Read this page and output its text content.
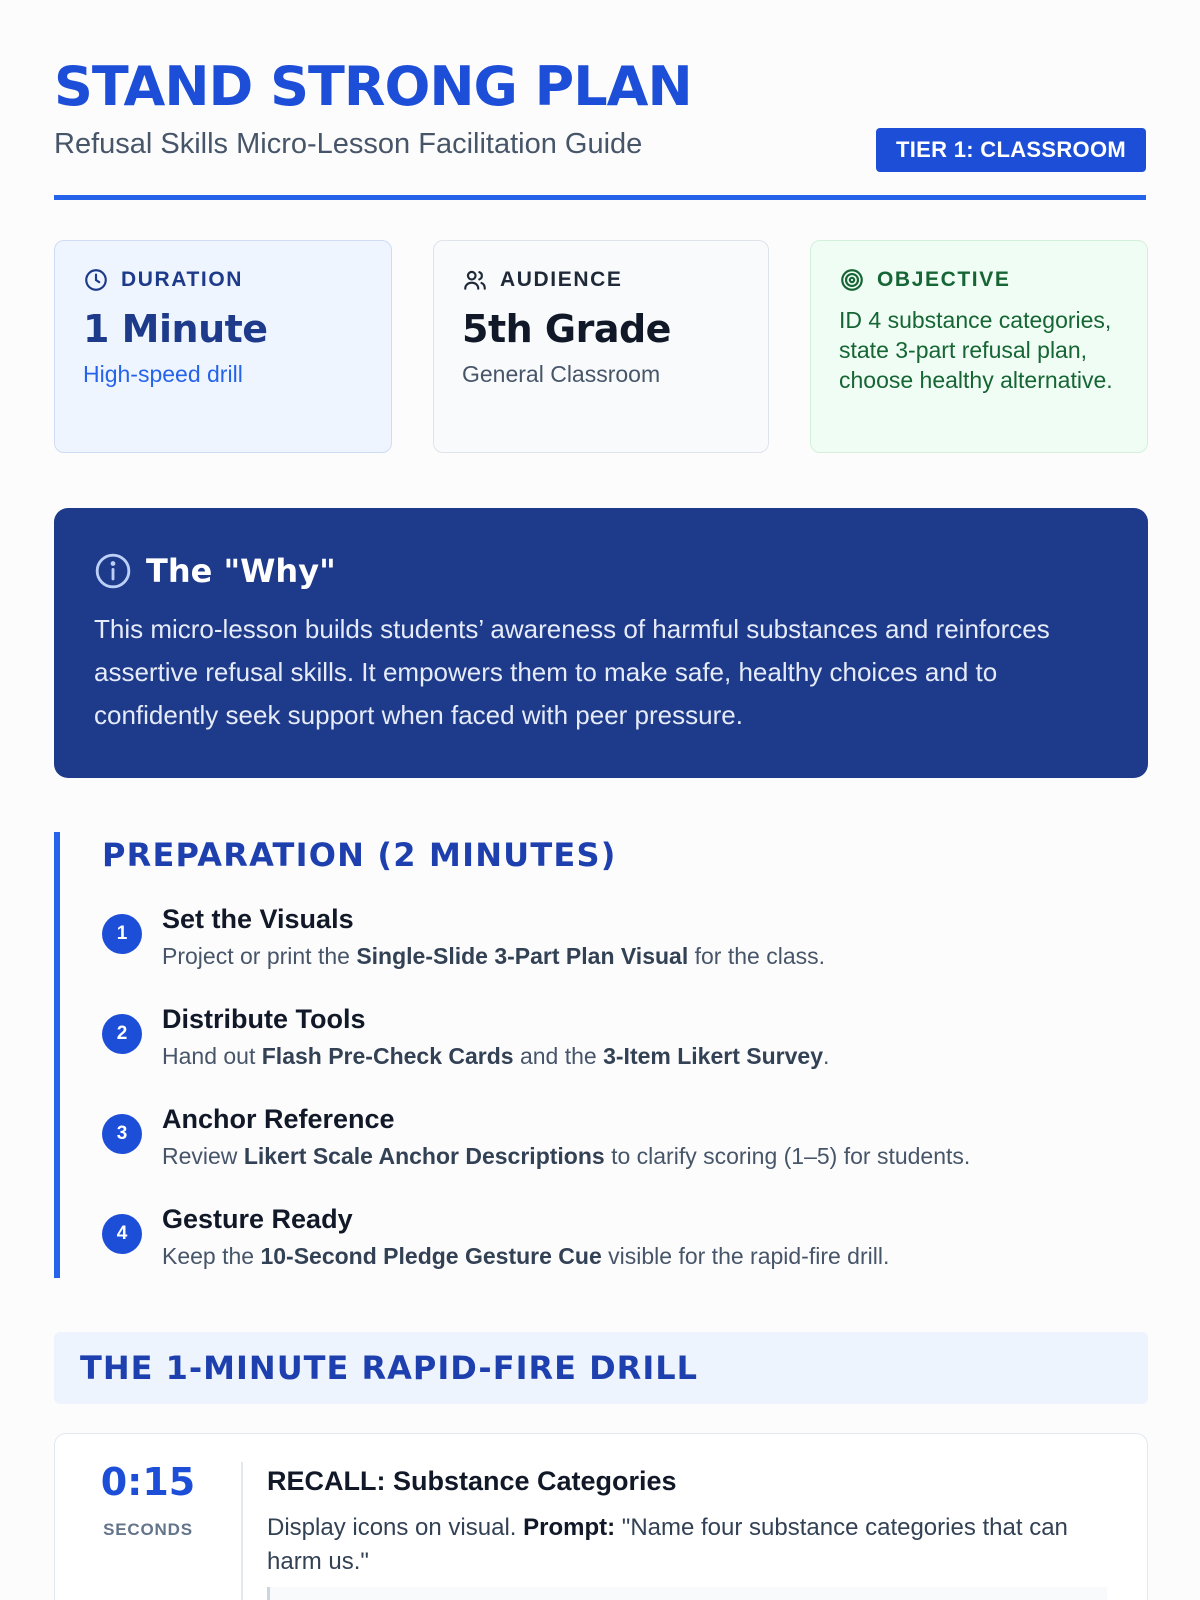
STAND STRONG PLAN
Refusal Skills Micro-Lesson Facilitation Guide	TIER 1: CLASSROOM
DURATION
1 Minute
High-speed drill
AUDIENCE
5th Grade
General Classroom
OBJECTIVE
ID 4 substance categories, state 3-part refusal plan, choose healthy alternative.
The "Why"
This micro-lesson builds students’ awareness of harmful substances and reinforces assertive refusal skills. It empowers them to make safe, healthy choices and to confidently seek support when faced with peer pressure.
PREPARATION (2 MINUTES)
1	Set the Visuals
Project or print the Single-Slide 3-Part Plan Visual for the class.
2	Distribute Tools
Hand out Flash Pre-Check Cards and the 3-Item Likert Survey.
3	Anchor Reference
Review Likert Scale Anchor Descriptions to clarify scoring (1–5) for students.
4	Gesture Ready
Keep the 10-Second Pledge Gesture Cue visible for the rapid-fire drill.
THE 1-MINUTE RAPID-FIRE DRILL
0:15
SECONDS
RECALL: Substance Categories
Display icons on visual. Prompt: "Name four substance categories that can harm us."
